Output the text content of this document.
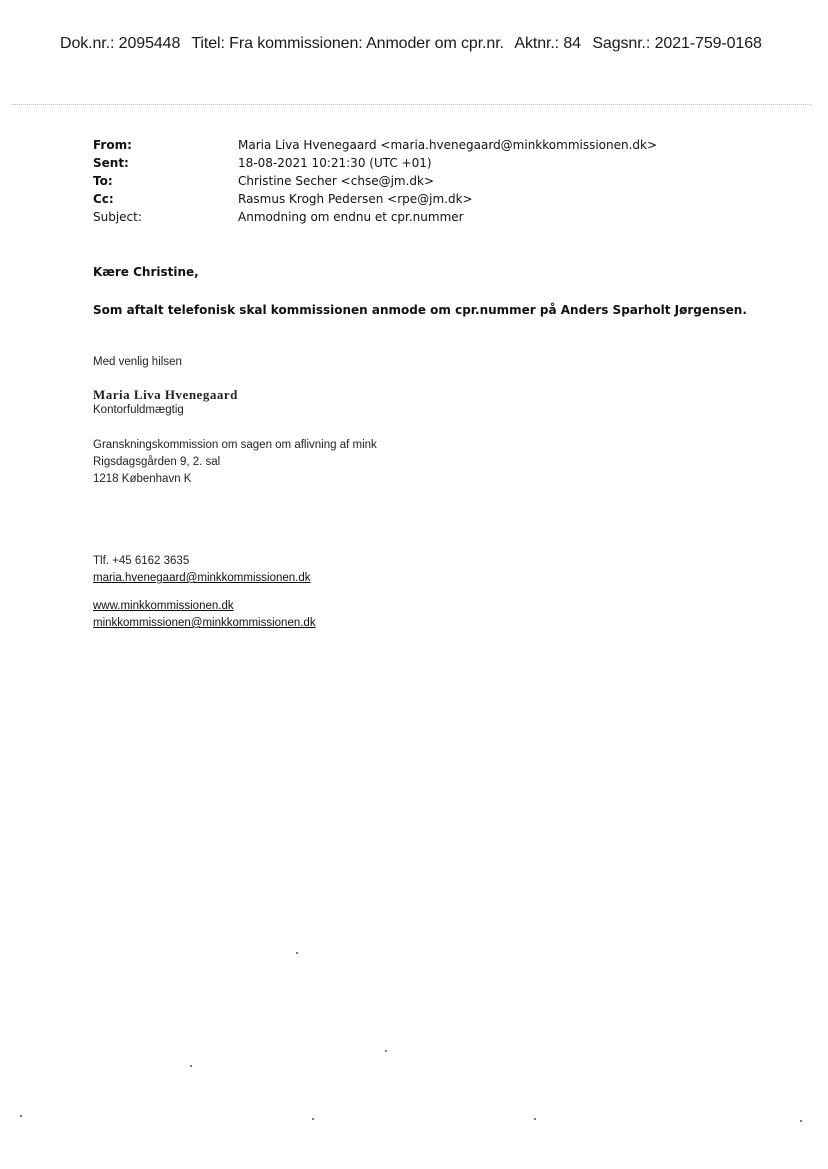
Dok.nr.: 2095448 Titel: Fra kommissionen: Anmoder om cpr.nr. Aktnr.: 84 Sagsnr.: 2021-759-0168
From:	Maria Liva Hvenegaard <maria.hvenegaard@minkkommissionen.dk>
Sent:	18-08-2021 10:21:30 (UTC +01)
To:	Christine Secher <chse@jm.dk>
Cc:	Rasmus Krogh Pedersen <rpe@jm.dk>
Subject:	Anmodning om endnu et cpr.nummer
Kære Christine,
Som aftalt telefonisk skal kommissionen anmode om cpr.nummer på Anders Sparholt Jørgensen.
Med venlig hilsen
Maria Liva Hvenegaard
Kontorfuldmægtig
Granskningskommission om sagen om aflivning af mink
Rigsdagsgården 9, 2. sal
1218 København K
Tlf. +45 6162 3635
maria.hvenegaard@minkkommissionen.dk
www.minkkommissionen.dk
minkkommissionen@minkkommissionen.dk
